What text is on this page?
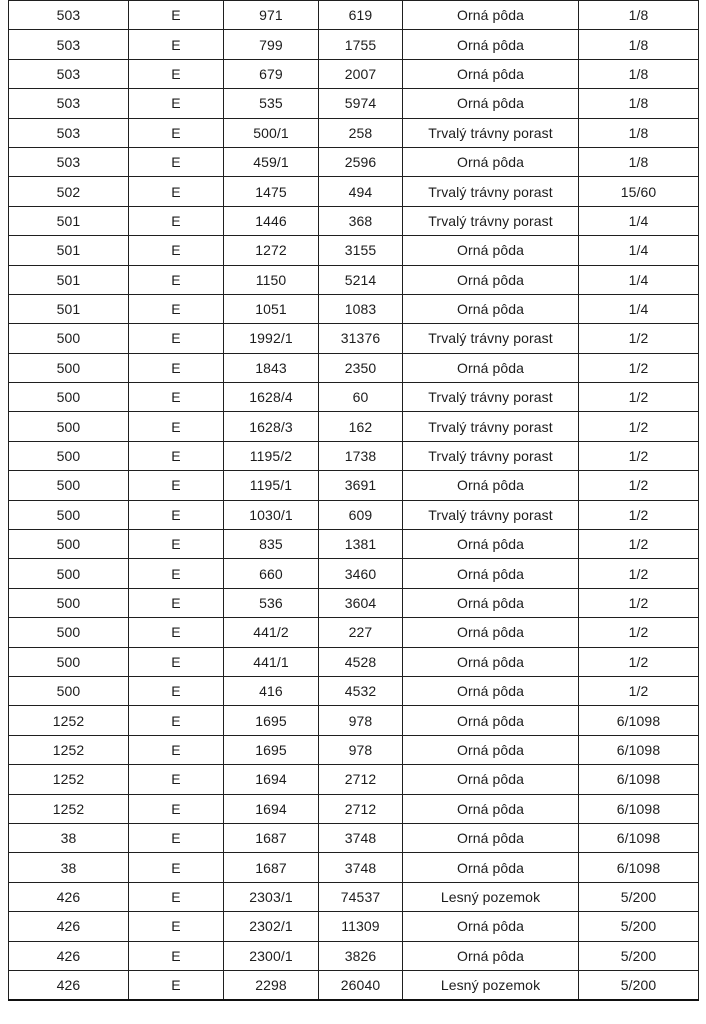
503	E	971	619	Orná pôda	1/8
503	E	799	1755	Orná pôda	1/8
503	E	679	2007	Orná pôda	1/8
503	E	535	5974	Orná pôda	1/8
503	E	500/1	258	Trvalý trávny porast	1/8
503	E	459/1	2596	Orná pôda	1/8
502	E	1475	494	Trvalý trávny porast	15/60
501	E	1446	368	Trvalý trávny porast	1/4
501	E	1272	3155	Orná pôda	1/4
501	E	1150	5214	Orná pôda	1/4
501	E	1051	1083	Orná pôda	1/4
500	E	1992/1	31376	Trvalý trávny porast	1/2
500	E	1843	2350	Orná pôda	1/2
500	E	1628/4	60	Trvalý trávny porast	1/2
500	E	1628/3	162	Trvalý trávny porast	1/2
500	E	1195/2	1738	Trvalý trávny porast	1/2
500	E	1195/1	3691	Orná pôda	1/2
500	E	1030/1	609	Trvalý trávny porast	1/2
500	E	835	1381	Orná pôda	1/2
500	E	660	3460	Orná pôda	1/2
500	E	536	3604	Orná pôda	1/2
500	E	441/2	227	Orná pôda	1/2
500	E	441/1	4528	Orná pôda	1/2
500	E	416	4532	Orná pôda	1/2
1252	E	1695	978	Orná pôda	6/1098
1252	E	1695	978	Orná pôda	6/1098
1252	E	1694	2712	Orná pôda	6/1098
1252	E	1694	2712	Orná pôda	6/1098
38	E	1687	3748	Orná pôda	6/1098
38	E	1687	3748	Orná pôda	6/1098
426	E	2303/1	74537	Lesný pozemok	5/200
426	E	2302/1	11309	Orná pôda	5/200
426	E	2300/1	3826	Orná pôda	5/200
426	E	2298	26040	Lesný pozemok	5/200
